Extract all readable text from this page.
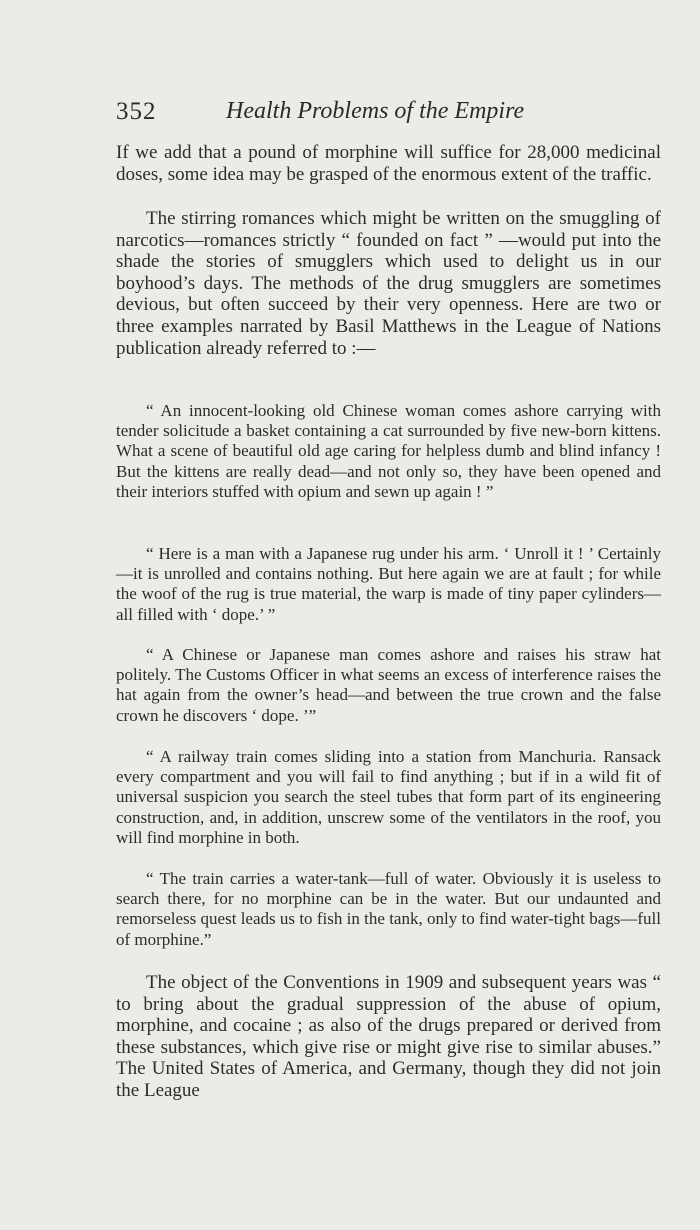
352	Health Problems of the Empire

If we add that a pound of morphine will suffice for 28,000 medicinal doses, some idea may be grasped of the enormous extent of the traffic.

The stirring romances which might be written on the smuggling of narcotics—romances strictly “ founded on fact ” —would put into the shade the stories of smugglers which used to delight us in our boyhood’s days. The methods of the drug smugglers are sometimes devious, but often succeed by their very openness. Here are two or three examples narrated by Basil Matthews in the League of Nations publication already referred to :—

“ An innocent-looking old Chinese woman comes ashore carrying with tender solicitude a basket containing a cat surrounded by five new-born kittens. What a scene of beautiful old age caring for helpless dumb and blind infancy ! But the kittens are really dead—and not only so, they have been opened and their interiors stuffed with opium and sewn up again ! ”

“ Here is a man with a Japanese rug under his arm. ‘ Unroll it ! ’ Certainly—it is unrolled and contains nothing. But here again we are at fault ; for while the woof of the rug is true material, the warp is made of tiny paper cylinders—all filled with ‘ dope.’ ”

“ A Chinese or Japanese man comes ashore and raises his straw hat politely. The Customs Officer in what seems an excess of interference raises the hat again from the owner’s head—and between the true crown and the false crown he discovers ‘ dope. ’”

“ A railway train comes sliding into a station from Manchuria. Ransack every compartment and you will fail to find anything ; but if in a wild fit of universal suspicion you search the steel tubes that form part of its engineering construction, and, in addition, unscrew some of the ventilators in the roof, you will find morphine in both.

“ The train carries a water-tank—full of water. Obviously it is useless to search there, for no morphine can be in the water. But our undaunted and remorseless quest leads us to fish in the tank, only to find water-tight bags—full of morphine.”

The object of the Conventions in 1909 and subsequent years was “ to bring about the gradual suppression of the abuse of opium, morphine, and cocaine ; as also of the drugs prepared or derived from these substances, which give rise or might give rise to similar abuses.” The United States of America, and Germany, though they did not join the League
